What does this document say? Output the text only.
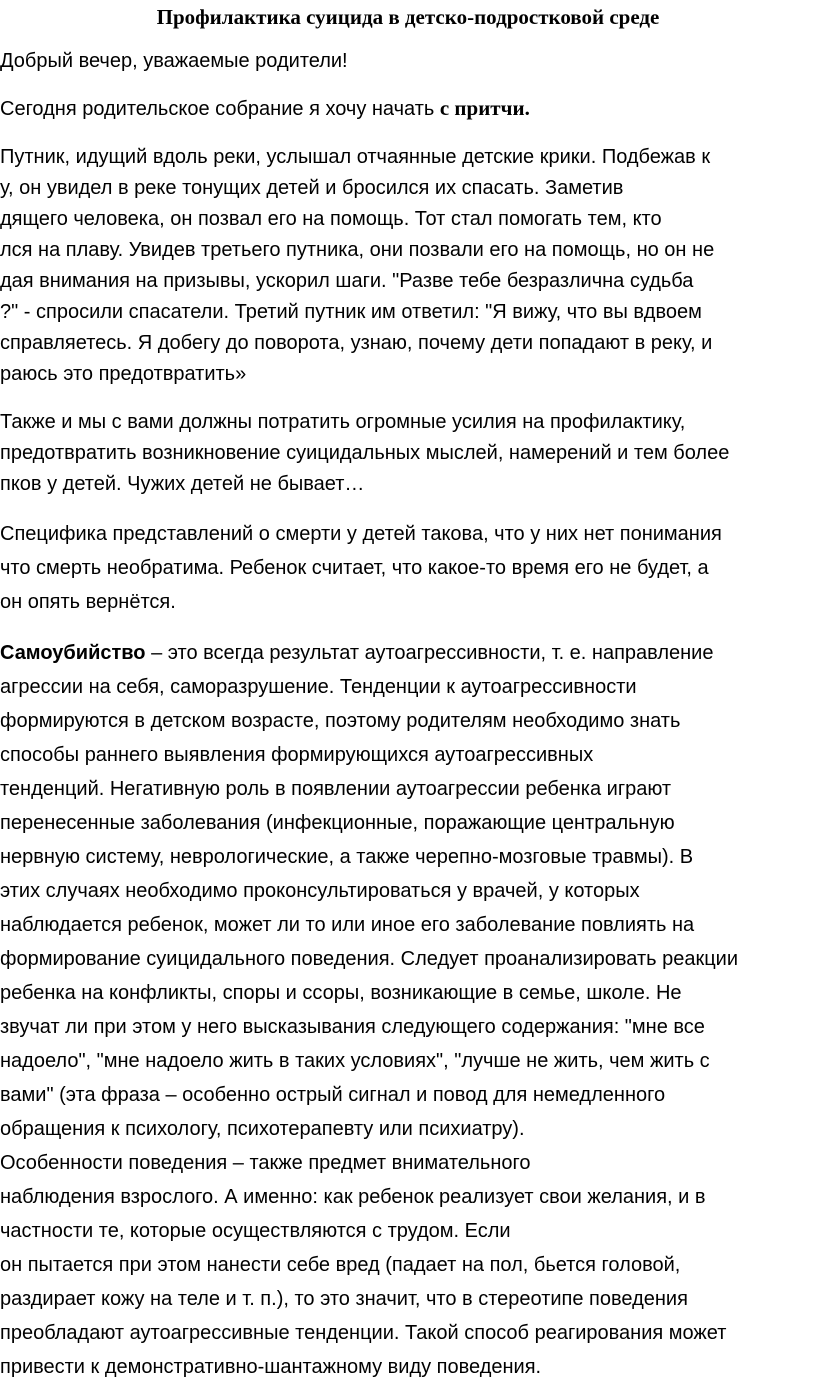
Профилактика суицида в детско-подростковой среде
Добрый вечер, уважаемые родители!
Сегодня родительское собрание я хочу начать с притчи.
Путник, идущий вдоль реки, услышал отчаянные детские крики. Подбежав к
у, он увидел в реке тонущих детей и бросился их спасать. Заметив
дящего человека, он позвал его на помощь. Тот стал помогать тем, кто
лся на плаву. Увидев третьего путника, они позвали его на помощь, но он не
дая внимания на призывы, ускорил шаги. "Разве тебе безразлична судьба
?" - спросили спасатели. Третий путник им ответил: "Я вижу, что вы вдвоем
справляетесь. Я добегу до поворота, узнаю, почему дети попадают в реку, и
раюсь это предотвратить»
Также и мы с вами должны потратить огромные усилия на профилактику,
предотвратить возникновение суицидальных мыслей, намерений и тем более
пков у детей. Чужих детей не бывает…
Специфика представлений о смерти у детей такова, что у них нет понимания
что смерть необратима. Ребенок считает, что какое-то время его не будет, а
он опять вернётся.
Самоубийство – это всегда результат аутоагрессивности, т. е. направление
агрессии на себя, саморазрушение. Тенденции к аутоагрессивности
формируются в детском возрасте, поэтому родителям необходимо знать
способы раннего выявления формирующихся аутоагрессивных
тенденций. Негативную роль в появлении аутоагрессии ребенка играют
перенесенные заболевания (инфекционные, поражающие центральную
нервную систему, неврологические, а также черепно-мозговые травмы). В
этих случаях необходимо проконсультироваться у врачей, у которых
наблюдается ребенок, может ли то или иное его заболевание повлиять на
формирование суицидального поведения. Следует проанализировать реакции
ребенка на конфликты, споры и ссоры, возникающие в семье, школе. Не
звучат ли при этом у него высказывания следующего содержания: "мне все
надоело", "мне надоело жить в таких условиях", "лучше не жить, чем жить с
вами" (эта фраза – особенно острый сигнал и повод для немедленного
обращения к психологу, психотерапевту или психиатру).
Особенности поведения – также предмет внимательного
наблюдения взрослого. А именно: как ребенок реализует свои желания, и в
частности те, которые осуществляются с трудом. Если
он пытается при этом нанести себе вред (падает на пол, бьется головой,
раздирает кожу на теле и т. п.), то это значит, что в стереотипе поведения
преобладают аутоагрессивные тенденции. Такой способ реагирования может
привести к демонстративно-шантажному виду поведения.
